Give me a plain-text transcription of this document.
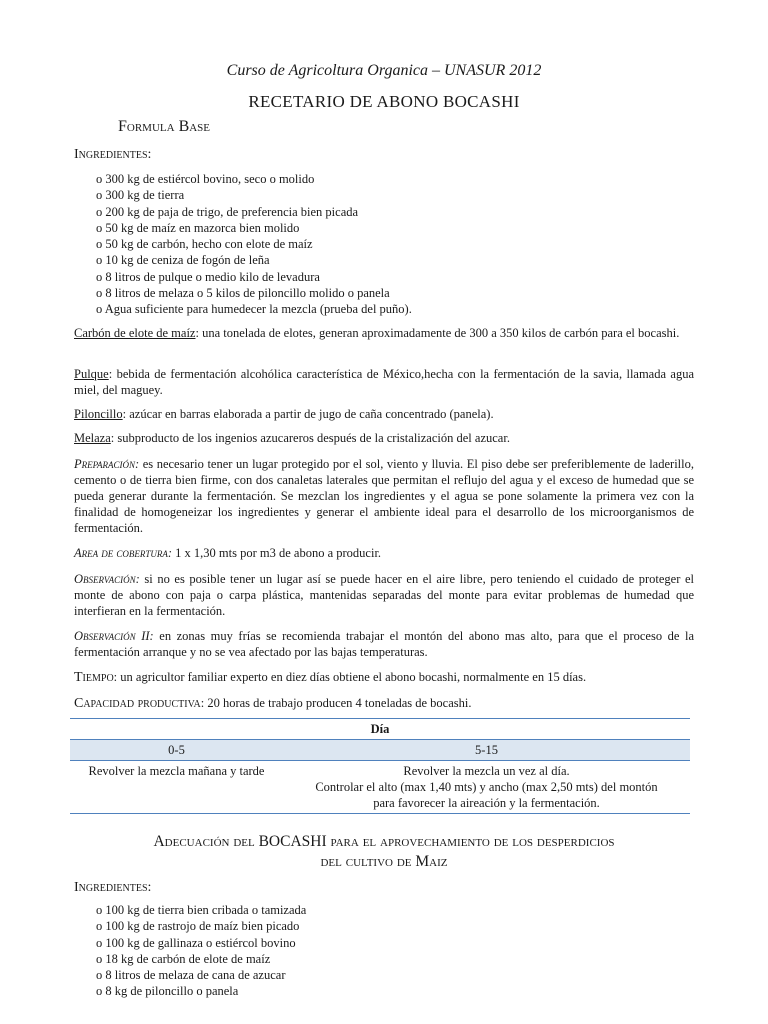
Curso de Agricoltura Organica – UNASUR 2012
RECETARIO DE ABONO BOCASHI
Formula Base
Ingredientes:
o 300 kg de estiércol bovino, seco o molido
o 300 kg de tierra
o 200 kg de paja de trigo, de preferencia bien picada
o 50 kg de maíz en mazorca bien molido
o 50 kg de carbón, hecho con elote de maíz
o 10 kg de ceniza de fogón de leña
o 8 litros de pulque o medio kilo de levadura
o 8 litros de melaza o 5 kilos de piloncillo molido o panela
o Agua suficiente para humedecer la mezcla (prueba del puño).
Carbón de elote de maíz: una tonelada de elotes, generan aproximadamente de 300 a 350 kilos de carbón para el bocashi.
Pulque: bebida de fermentación alcohólica característica de México,hecha con la fermentación de la savia, llamada agua miel, del maguey.
Piloncillo: azúcar en barras elaborada a partir de jugo de caña concentrado (panela).
Melaza: subproducto de los ingenios azucareros después de la cristalización del azucar.
Preparación: es necesario tener un lugar protegido por el sol, viento y lluvia. El piso debe ser preferiblemente de laderillo, cemento o de tierra bien firme, con dos canaletas laterales que permitan el reflujo del agua y el exceso de humedad que se pueda generar durante la fermentación. Se mezclan los ingredientes y el agua se pone solamente la primera vez con la finalidad de homogeneizar los ingredientes y generar el ambiente ideal para el desarrollo de los microorganismos de fermentación.
Area de cobertura: 1 x 1,30 mts por m3 de abono a producir.
Observación: si no es posible tener un lugar así se puede hacer en el aire libre, pero teniendo el cuidado de proteger el monte de abono con paja o carpa plástica, mantenidas separadas del monte para evitar problemas de humedad que interfieran en la fermentación.
Observación II: en zonas muy frías se recomienda trabajar el montón del abono mas alto, para que el proceso de la fermentación arranque y no se vea afectado por las bajas temperaturas.
Tiempo: un agricultor familiar experto en diez días obtiene el abono bocashi, normalmente en 15 días.
Capacidad productiva: 20 horas de trabajo producen 4 toneladas de bocashi.
Día	
0-5	5-15
Revolver la mezcla mañana y tarde	Revolver la mezcla un vez al día.
Controlar el alto (max 1,40 mts) y ancho (max 2,50 mts) del montón
para favorecer la aireación y la fermentación.
Adecuación del BOCASHI para el aprovechamiento de los desperdicios
del cultivo de Maiz
Ingredientes:
o 100 kg de tierra bien cribada o tamizada
o 100 kg de rastrojo de maíz bien picado
o 100 kg de gallinaza o estiércol bovino
o 18 kg de carbón de elote de maíz
o 8 litros de melaza de cana de azucar
o 8 kg de piloncillo o panela
